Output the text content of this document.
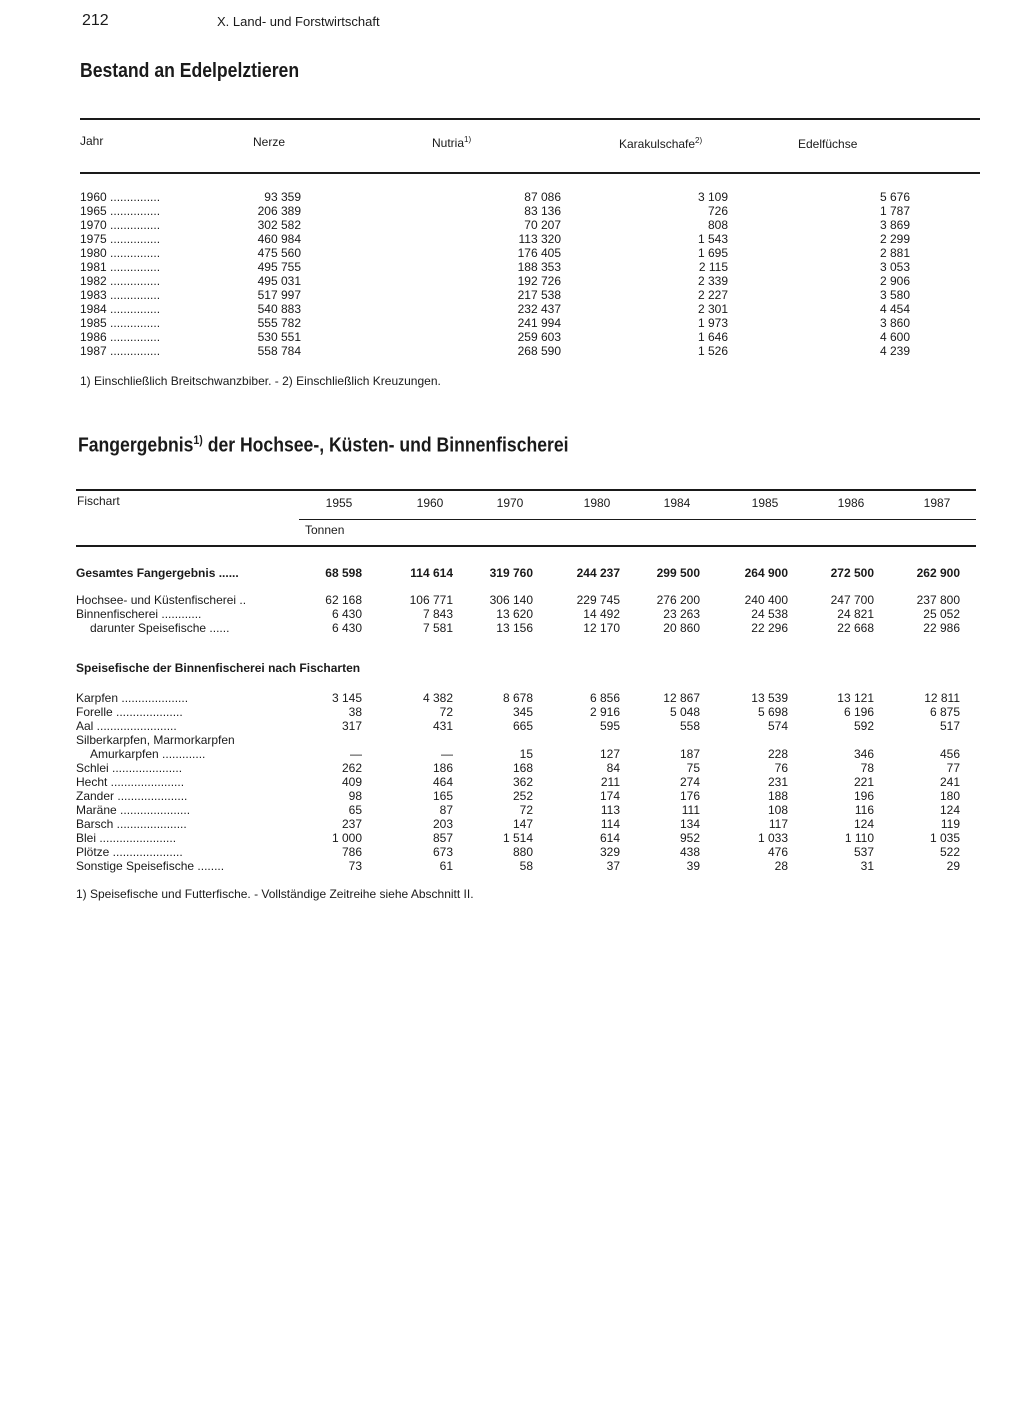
212	X. Land- und Forstwirtschaft
Bestand an Edelpelztieren
Jahr	Nerze	Nutria$^{1)}$	Karakulschafe$^{2)}$	Edelfüchse
1960 ...............	93 359	87 086	3 109	5 676
1965 ...............	206 389	83 136	726	1 787
1970 ...............	302 582	70 207	808	3 869
1975 ...............	460 984	113 320	1 543	2 299
1980 ...............	475 560	176 405	1 695	2 881
1981 ...............	495 755	188 353	2 115	3 053
1982 ...............	495 031	192 726	2 339	2 906
1983 ...............	517 997	217 538	2 227	3 580
1984 ...............	540 883	232 437	2 301	4 454
1985 ...............	555 782	241 994	1 973	3 860
1986 ...............	530 551	259 603	1 646	4 600
1987 ...............	558 784	268 590	1 526	4 239
1) Einschließlich Breitschwanzbiber. - 2) Einschließlich Kreuzungen.
Fangergebnis$^{1)}$ der Hochsee-, Küsten- und Binnenfischerei
Fischart	1955	1960	1970	1980	1984	1985	1986	1987
Tonnen
Gesamtes Fangergebnis ......	68 598	114 614	319 760	244 237	299 500	264 900	272 500	262 900
Hochsee- und Küstenfischerei ..	62 168	106 771	306 140	229 745	276 200	240 400	247 700	237 800
Binnenfischerei ............	6 430	7 843	13 620	14 492	23 263	24 538	24 821	25 052
darunter Speisefische ......	6 430	7 581	13 156	12 170	20 860	22 296	22 668	22 986
Speisefische der Binnenfischerei nach Fischarten
Karpfen ....................	3 145	4 382	8 678	6 856	12 867	13 539	13 121	12 811
Forelle ....................	38	72	345	2 916	5 048	5 698	6 196	6 875
Aal ........................	317	431	665	595	558	574	592	517
Silberkarpfen, Marmorkarpfen								
Amurkarpfen .............	—	—	15	127	187	228	346	456
Schlei .....................	262	186	168	84	75	76	78	77
Hecht ......................	409	464	362	211	274	231	221	241
Zander .....................	98	165	252	174	176	188	196	180
Maräne .....................	65	87	72	113	111	108	116	124
Barsch .....................	237	203	147	114	134	117	124	119
Blei .......................	1 000	857	1 514	614	952	1 033	1 110	1 035
Plötze .....................	786	673	880	329	438	476	537	522
Sonstige Speisefische ........	73	61	58	37	39	28	31	29
1) Speisefische und Futterfische. - Vollständige Zeitreihe siehe Abschnitt II.
